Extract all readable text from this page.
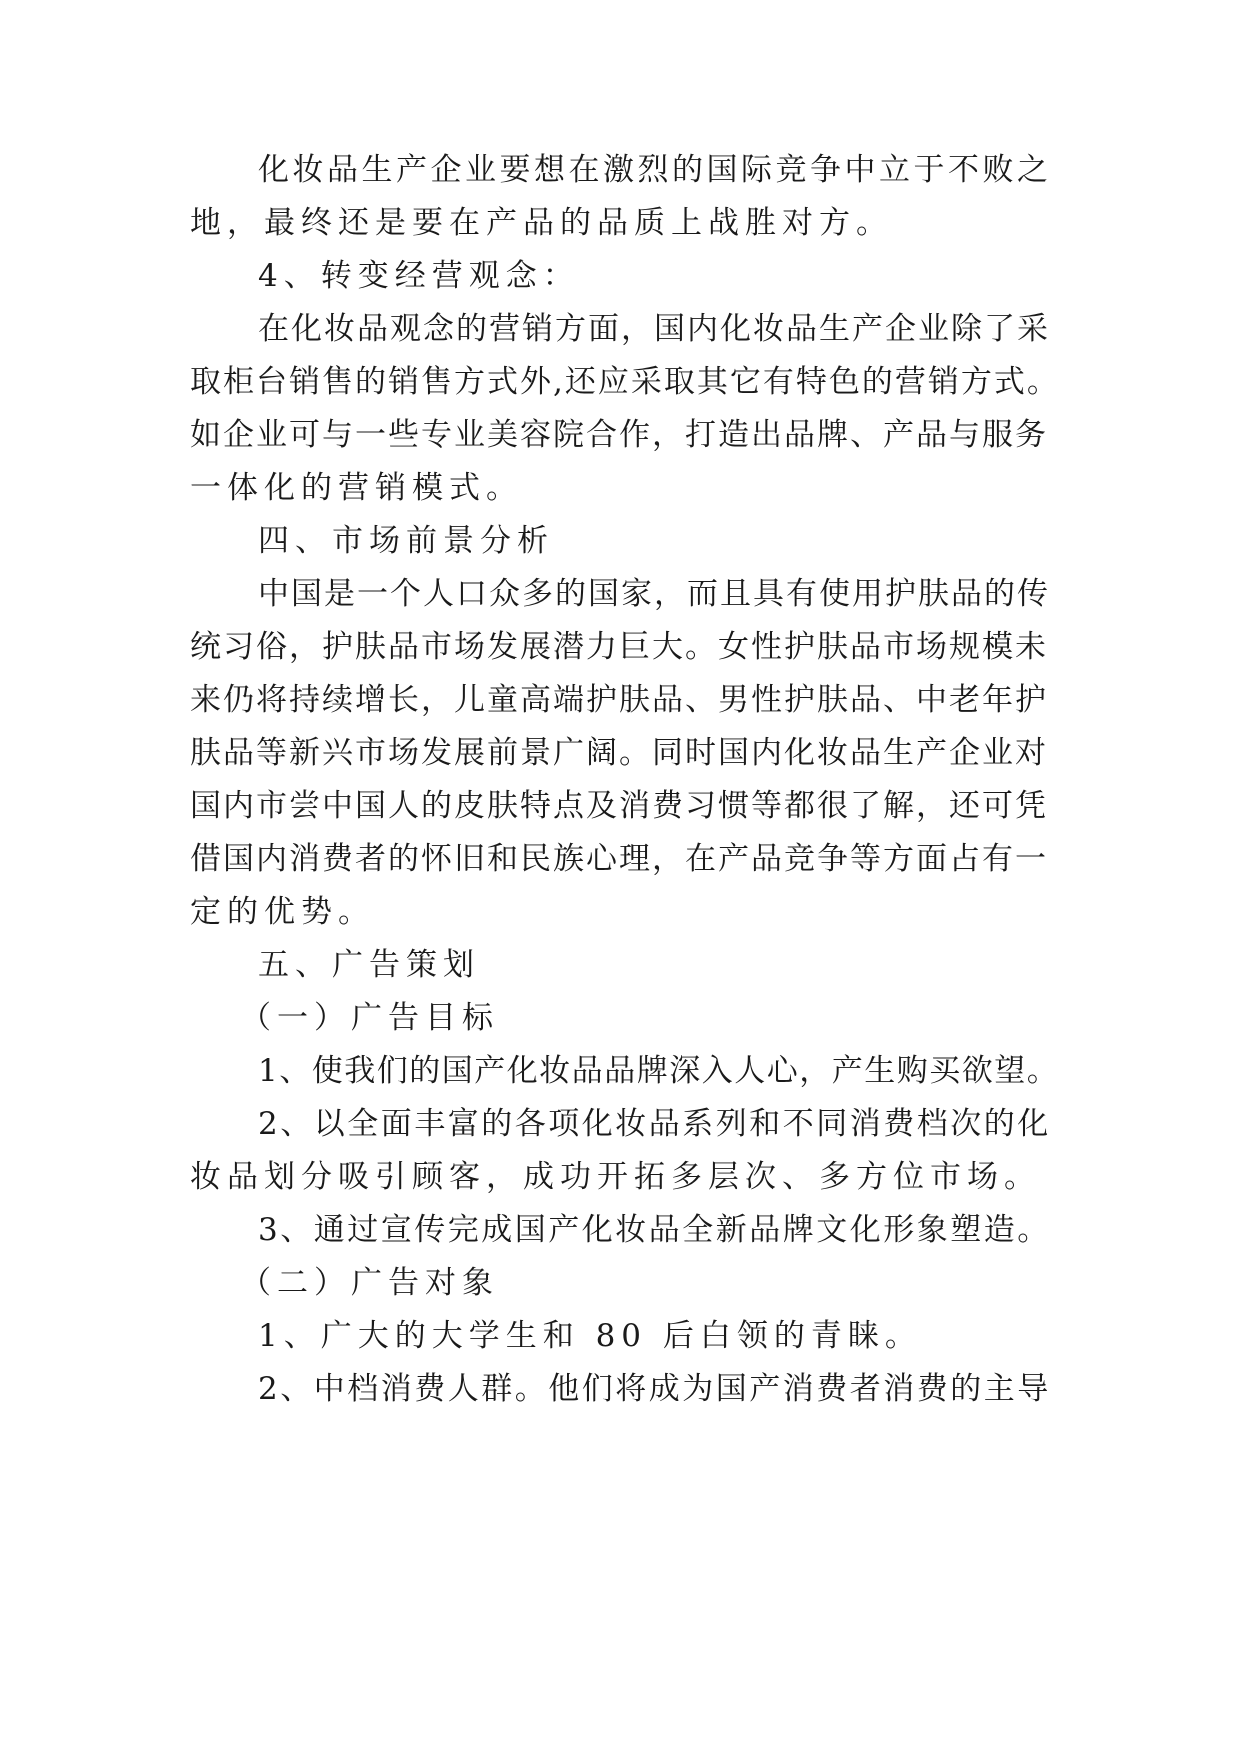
化妆品生产企业要想在激烈的国际竞争中立于不败之
地，最终还是要在产品的品质上战胜对方。
4、转变经营观念：
在化妆品观念的营销方面，国内化妆品生产企业除了采
取柜台销售的销售方式外,还应采取其它有特色的营销方式。
如企业可与一些专业美容院合作，打造出品牌、产品与服务
一体化的营销模式。
四、市场前景分析
中国是一个人口众多的国家，而且具有使用护肤品的传
统习俗，护肤品市场发展潜力巨大。女性护肤品市场规模未
来仍将持续增长，儿童高端护肤品、男性护肤品、中老年护
肤品等新兴市场发展前景广阔。同时国内化妆品生产企业对
国内市尝中国人的皮肤特点及消费习惯等都很了解，还可凭
借国内消费者的怀旧和民族心理，在产品竞争等方面占有一
定的优势。
五、广告策划
（一）广告目标
1、使我们的国产化妆品品牌深入人心，产生购买欲望。
2、以全面丰富的各项化妆品系列和不同消费档次的化
妆品划分吸引顾客，成功开拓多层次、多方位市场。
3、通过宣传完成国产化妆品全新品牌文化形象塑造。
（二）广告对象
1、广大的大学生和 80 后白领的青睐。
2、中档消费人群。他们将成为国产消费者消费的主导
